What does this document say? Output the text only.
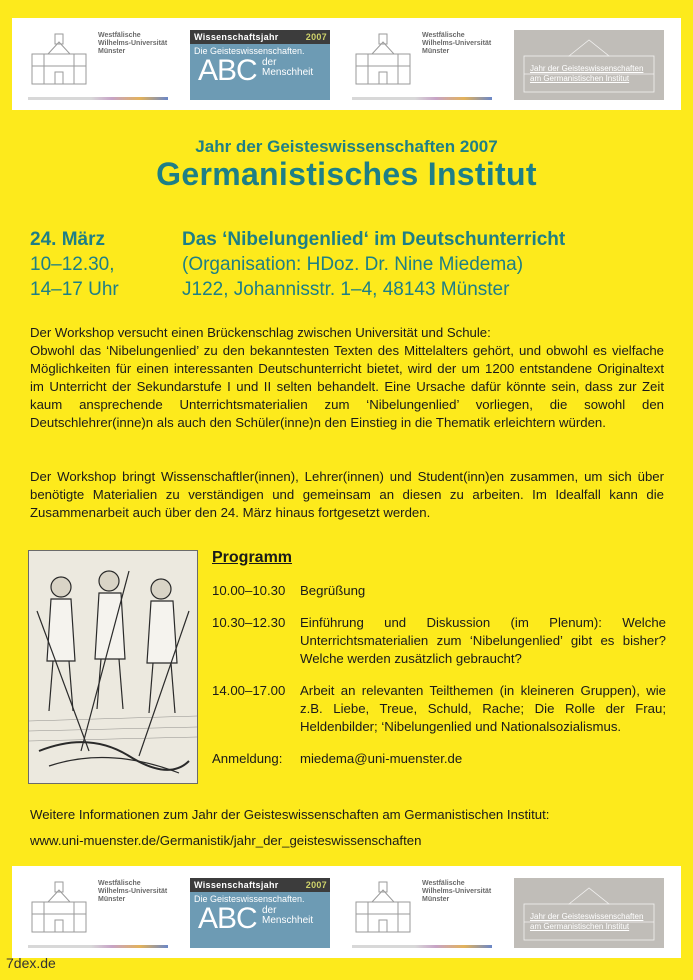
Westfälische
Wilhelms-Universität
Münster
Wissenschaftsjahr	2007
Die Geisteswissenschaften.
ABC der
Menschheit
Westfälische
Wilhelms-Universität
Münster
Jahr der Geisteswissenschaften
am Germanistischen Institut
Jahr der Geisteswissenschaften 2007
Germanistisches Institut
24. März	Das ‘Nibelungenlied‘ im Deutschunterricht
10–12.30,	(Organisation: HDoz. Dr. Nine Miedema)
14–17 Uhr	J122, Johannisstr. 1–4, 48143 Münster

Der Workshop versucht einen Brückenschlag zwischen Universität und Schule:

Obwohl das ‘Nibelungenlied’ zu den bekanntesten Texten des Mittelalters gehört, und obwohl es vielfache Möglichkeiten für einen interessanten Deutschunterricht bietet, wird der um 1200 entstandene Originaltext im Unterricht der Sekundarstufe I und II selten behandelt. Eine Ursache dafür könnte sein, dass zur Zeit kaum ansprechende Unterrichtsmaterialien zum ‘Nibelungenlied’ vorliegen, die sowohl den Deutschlehrer(inne)n als auch den Schüler(inne)n den Einstieg in die Thematik erleichtern würden.

Der Workshop bringt Wissenschaftler(innen), Lehrer(innen) und Student(inn)en zusammen, um sich über benötigte Materialien zu verständigen und gemeinsam an diesen zu arbeiten. Im Idealfall kann die Zusammenarbeit auch über den 24. März hinaus fortgesetzt werden.

Programm
10.00–10.30 Begrüßung
10.30–12.30 Einführung und Diskussion (im Plenum): Welche Unterrichtsmaterialien zum ‘Nibelungenlied’ gibt es bisher? Welche werden zusätzlich gebraucht?
14.00–17.00 Arbeit an relevanten Teilthemen (in kleineren Gruppen), wie z.B. Liebe, Treue, Schuld, Rache; Die Rolle der Frau; Heldenbilder; ‘Nibelungenlied und Nationalsozialismus.
Anmeldung: miedema@uni-muenster.de
Weitere Informationen zum Jahr der Geisteswissenschaften am Germanistischen Institut:
www.uni-muenster.de/Germanistik/jahr_der_geisteswissenschaften
Westfälische
Wilhelms-Universität
Münster
Wissenschaftsjahr	2007
Die Geisteswissenschaften.
ABC der
Menschheit
Westfälische
Wilhelms-Universität
Münster
Jahr der Geisteswissenschaften
am Germanistischen Institut
7dex.de
